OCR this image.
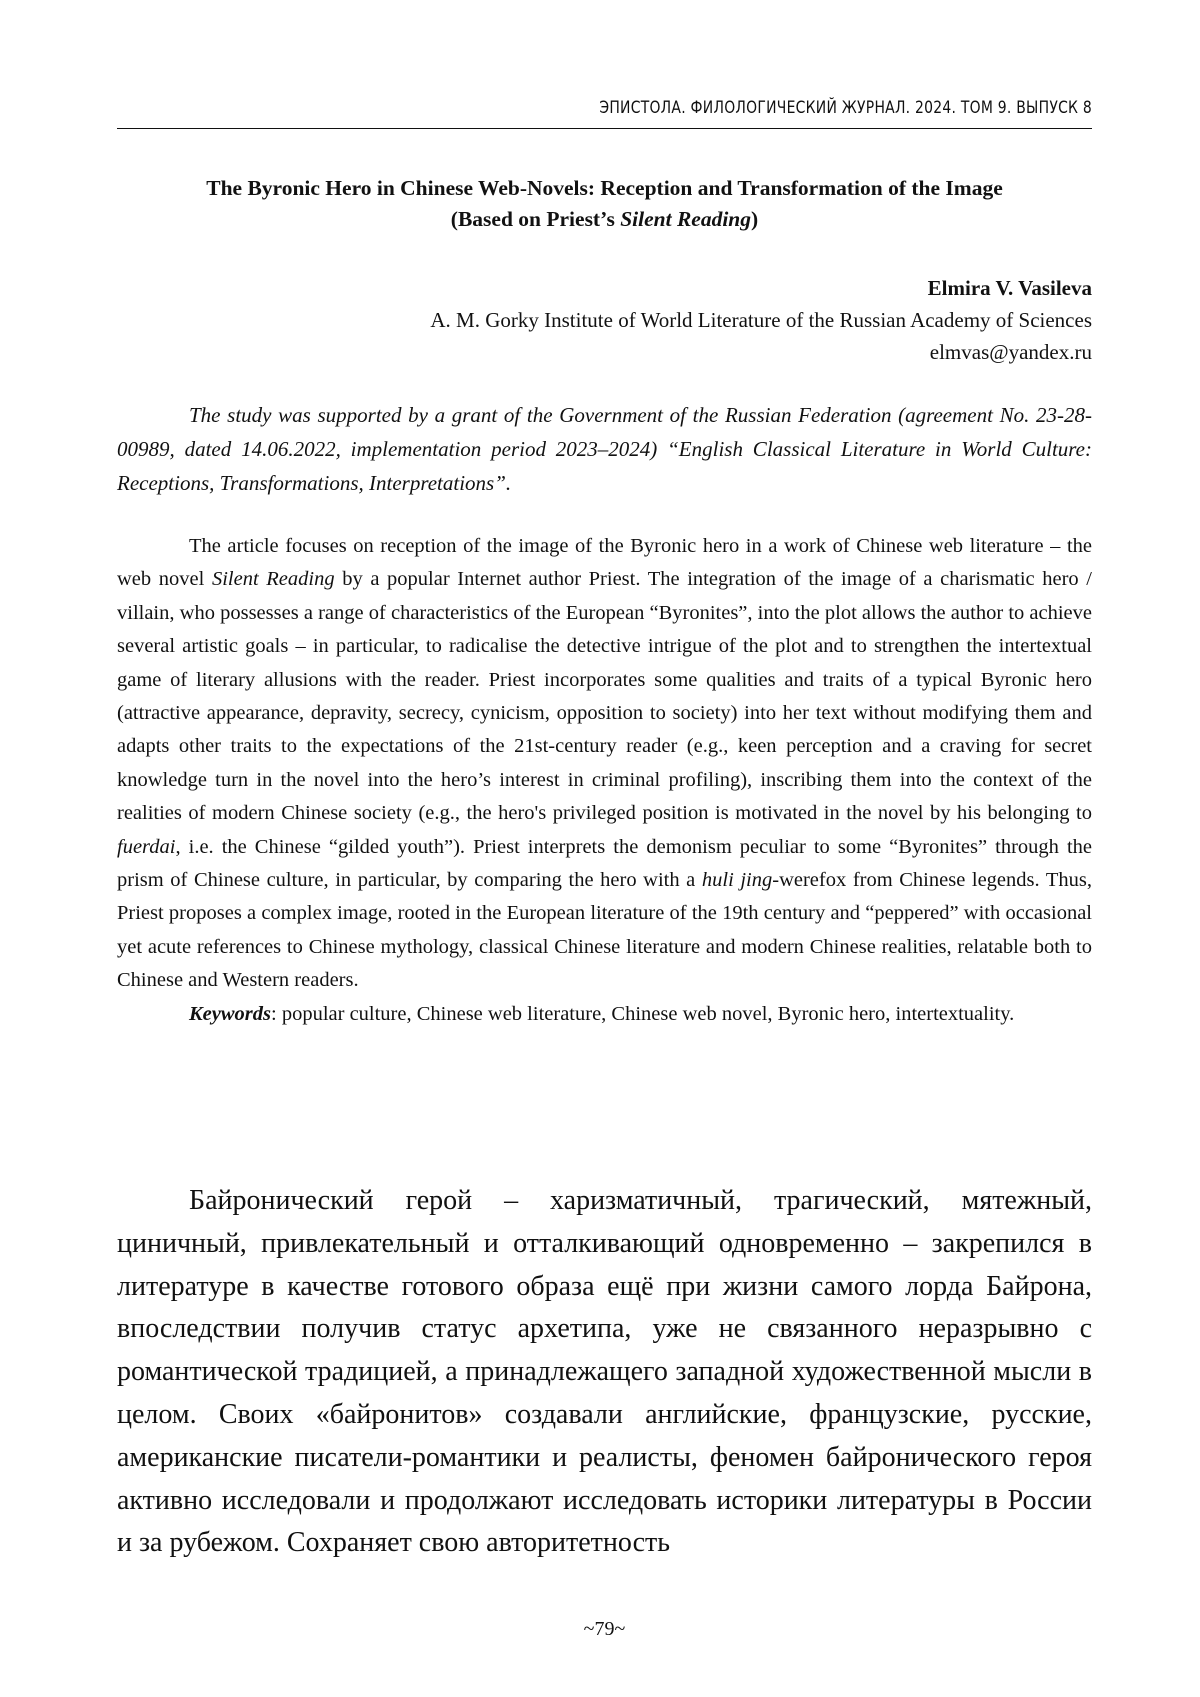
ЭПИСТОЛА. ФИЛОЛОГИЧЕСКИЙ ЖУРНАЛ. 2024. ТОМ 9. ВЫПУСК 8
The Byronic Hero in Chinese Web-Novels: Reception and Transformation of the Image
(Based on Priest’s Silent Reading)
Elmira V. Vasileva
A. M. Gorky Institute of World Literature of the Russian Academy of Sciences
elmvas@yandex.ru

The study was supported by a grant of the Government of the Russian Federation (agreement No. 23-28-00989, dated 14.06.2022, implementation period 2023–2024) “English Classical Literature in World Culture: Receptions, Transformations, Interpretations”.

The article focuses on reception of the image of the Byronic hero in a work of Chinese web literature – the web novel Silent Reading by a popular Internet author Priest. The integration of the image of a charismatic hero / villain, who possesses a range of characteristics of the European “Byronites”, into the plot allows the author to achieve several artistic goals – in particular, to radicalise the detective intrigue of the plot and to strengthen the intertextual game of literary allusions with the reader. Priest incorporates some qualities and traits of a typical Byronic hero (attractive appearance, depravity, secrecy, cynicism, opposition to society) into her text without modifying them and adapts other traits to the expectations of the 21st-century reader (e.g., keen perception and a craving for secret knowledge turn in the novel into the hero’s interest in criminal profiling), inscribing them into the context of the realities of modern Chinese society (e.g., the hero's privileged position is motivated in the novel by his belonging to fuerdai, i.e. the Chinese “gilded youth”). Priest interprets the demonism peculiar to some “Byronites” through the prism of Chinese culture, in particular, by comparing the hero with a huli jing-werefox from Chinese legends. Thus, Priest proposes a complex image, rooted in the European literature of the 19th century and “peppered” with occasional yet acute references to Chinese mythology, classical Chinese literature and modern Chinese realities, relatable both to Chinese and Western readers.

Keywords: popular culture, Chinese web literature, Chinese web novel, Byronic hero, intertextuality.

Байронический герой – харизматичный, трагический, мятежный, циничный, привлекательный и отталкивающий одновременно – закрепился в литературе в качестве готового образа ещё при жизни самого лорда Байрона, впоследствии получив статус архетипа, уже не связанного неразрывно с романтической традицией, а принадлежащего западной художественной мысли в целом. Своих «байронитов» создавали английские, французские, русские, американские писатели-романтики и реалисты, феномен байронического героя активно исследовали и продолжают исследовать историки литературы в России и за рубежом. Сохраняет свою авторитетность

~79~
